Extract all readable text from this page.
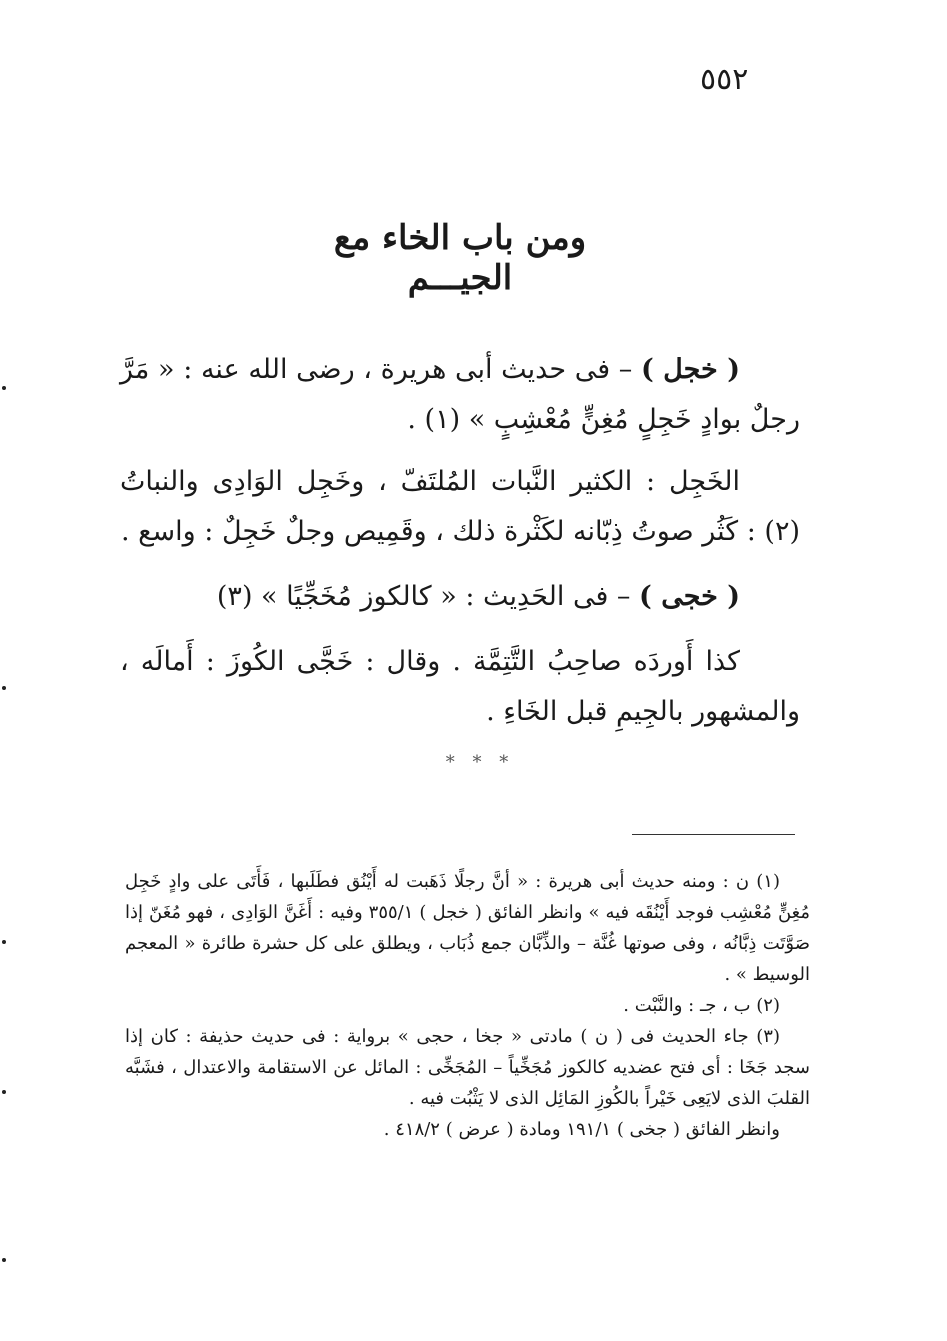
٥٥٢
ومن باب الخاء مع الجيـــم

( خجل ) – فى حديث أبى هريرة ، رضى الله عنه : « مَرَّ رجلٌ بوادٍ خَجِلٍ مُغِنٍّ مُعْشِبٍ » (١) .

الخَجِل : الكثير النَّبات المُلتَفّ ، وخَجِل الوَادِى والنباتُ (٢) : كَثُر صوتُ ذِبّانه لكَثْرة ذلك ، وقَمِيص وجلٌ خَجِلٌ : واسع .

( خجى ) – فى الحَدِيث : « كالكوز مُخَجِّيًا » (٣)

كذا أَوردَه صاحِبُ التَّتِمَّة . وقال : خَجَّى الكُوزَ : أَمالَه ، والمشهور بالجِيمِ قبل الخَاءِ .

* * *

(١) ن : ومنه حديث أبى هريرة : « أنَّ رجلًا ذَهَبت له أَيْنُق فطَلَبها ، فَأَتَى على وادٍ خَجِل مُغِنٍّ مُعْشِب فوجد أَيْنُقَه فيه » وانظر الفائق ( خجل ) ٣٥٥/١ وفيه : أَغَنَّ الوَادِى ، فهو مُغَنّ إذا صَوَّتَت ذِبَّانُه ، وفى صوتها غُنَّة – والذِّبَّان جمع ذُبَاب ، ويطلق على كل حشرة طائرة « المعجم الوسيط » .

(٢) ب ، جـ : والنَّبْت .

(٣) جاء الحديث فى ( ن ) مادتى « جخا ، حجى » برواية : فى حديث حذيفة : كان إذا سجد جَخَا : أى فتح عضديه كالكوز مُجَخِّياً – المُجَخِّى : المائل عن الاستقامة والاعتدال ، فشَبَّه القلبَ الذى لايَعِى خَيْراً بالكُوزِ المَائِل الذى لا يَثْبُت فيه .

وانظر الفائق ( جخى ) ١٩١/١ ومادة ( عرض ) ٤١٨/٢ .
